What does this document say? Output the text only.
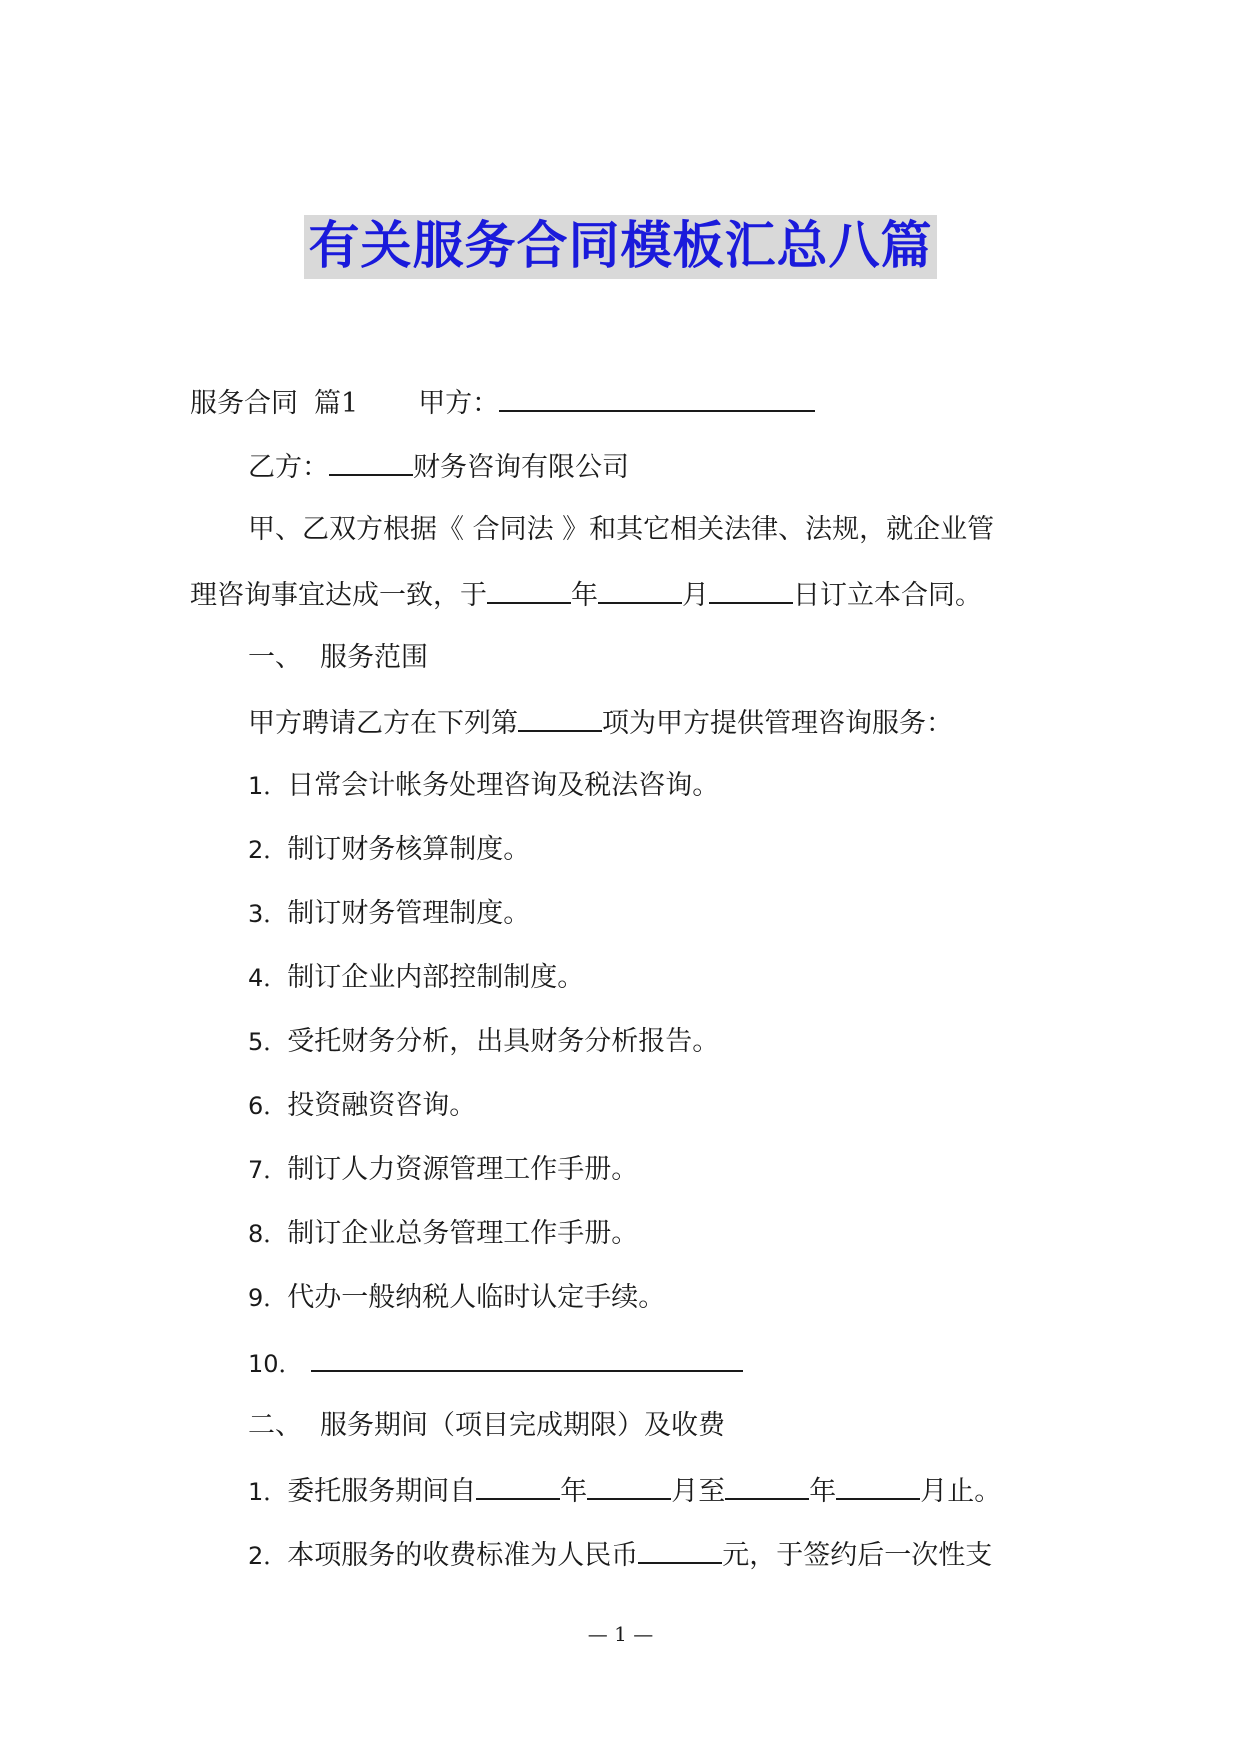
有关服务合同模板汇总八篇
服务合同 篇1 甲方：
乙方：	财务咨询有限公司
甲、乙双方根据《 合同法 》和其它相关法律、法规，就企业管
理咨询事宜达成一致，于	年	月	日订立本合同。
一、 服务范围
甲方聘请乙方在下列第	项为甲方提供管理咨询服务：
1．日常会计帐务处理咨询及税法咨询。
2．制订财务核算制度。
3．制订财务管理制度。
4．制订企业内部控制制度。
5．受托财务分析，出具财务分析报告。
6．投资融资咨询。
7．制订人力资源管理工作手册。
8．制订企业总务管理工作手册。
9．代办一般纳税人临时认定手续。
10．
二、 服务期间（项目完成期限）及收费
1．委托服务期间自	年	月至	年	月止。
2．本项服务的收费标准为人民币	元，于签约后一次性支
— 1 —
